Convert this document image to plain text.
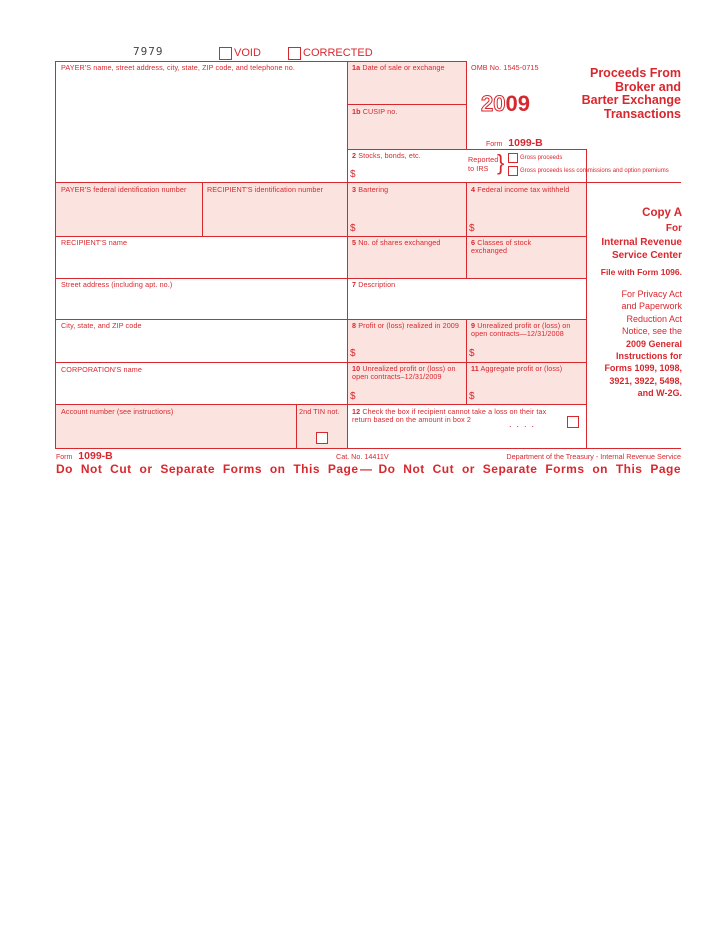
7979	VOID	CORRECTED
PAYER'S name, street address, city, state, ZIP code, and telephone no.
PAYER'S federal identification number	RECIPIENT'S identification number
RECIPIENT'S name
Street address (including apt. no.)
City, state, and ZIP code
CORPORATION'S name
Account number (see instructions)	2nd TIN not.
1a Date of sale or exchange
1b CUSIP no.
2 Stocks, bonds, etc.
$
OMB No. 1545-0715
2009
Form 1099-B
Reported
to IRS }	Gross proceeds
Gross proceeds less commissions and option premiums
Proceeds From
Broker and
Barter Exchange
Transactions
3 Bartering
$
4 Federal income tax withheld
$
5 No. of shares exchanged	6 Classes of stock exchanged
7 Description
8 Profit or (loss) realized in 2009
$
9 Unrealized profit or (loss) on open contracts—12/31/2008
$
10 Unrealized profit or (loss) on open contracts‒12/31/2009
$
11 Aggregate profit or (loss)
$
12 Check the box if recipient cannot take a loss on their tax return based on the amount in box 2	....
Copy A
For
Internal Revenue
Service Center
File with Form 1096.
For Privacy Act
and Paperwork
Reduction Act
Notice, see the
2009 General
Instructions for
Forms 1099, 1098,
3921, 3922, 5498,
and W-2G.
Form 1099-B	Cat. No. 14411V	Department of the Treasury - Internal Revenue Service
Do Not Cut or Separate Forms on This Page — Do Not Cut or Separate Forms on This Page
